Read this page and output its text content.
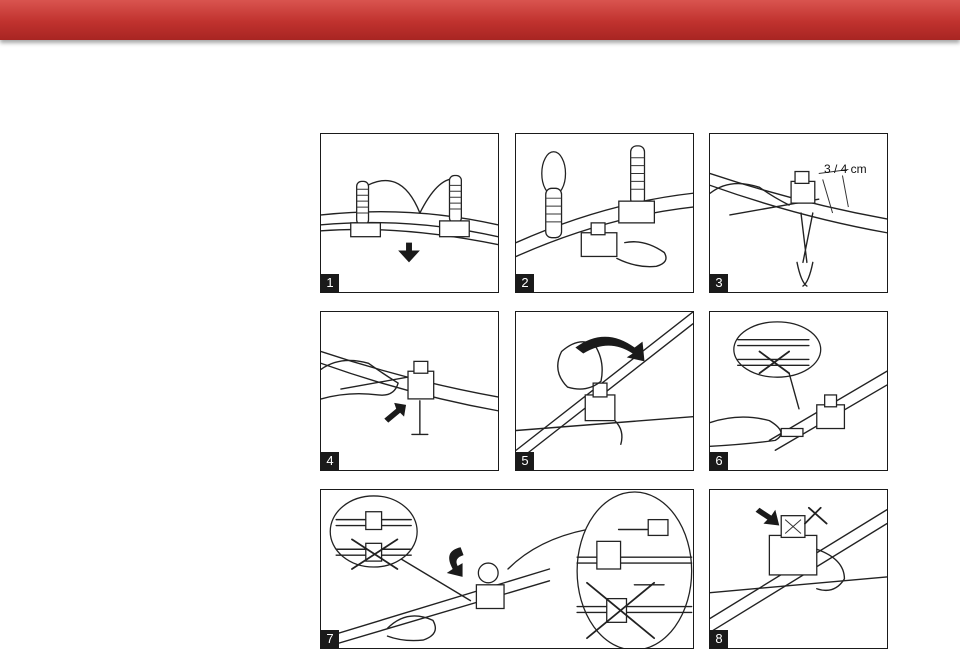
1	2
3 / 4 cm
3
4	5	6
7	8
